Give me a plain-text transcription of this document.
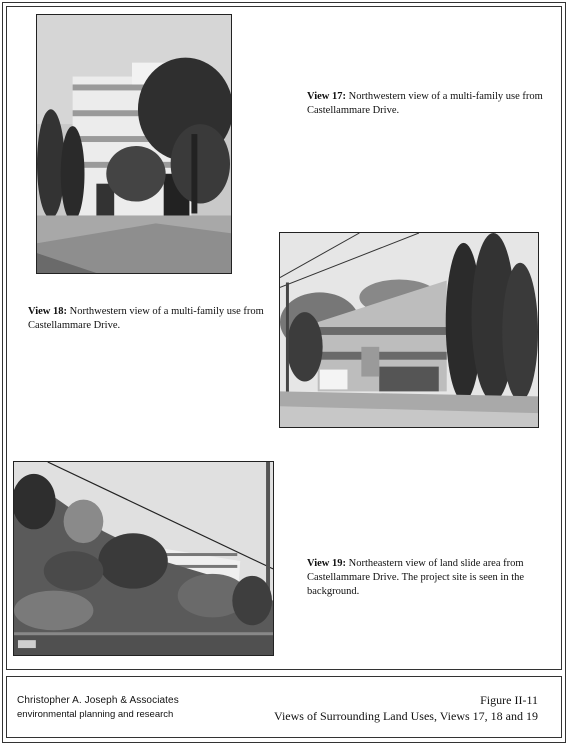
View 17: Northwestern view of a multi-family use from Castellammare Drive.
View 18: Northwestern view of a multi-family use from Castellammare Drive.
View 19: Northeastern view of land slide area from Castellammare Drive. The project site is seen in the background.
Christopher A. Joseph & Associates
environmental planning and research
Figure II-11
Views of Surrounding Land Uses, Views 17, 18 and 19
